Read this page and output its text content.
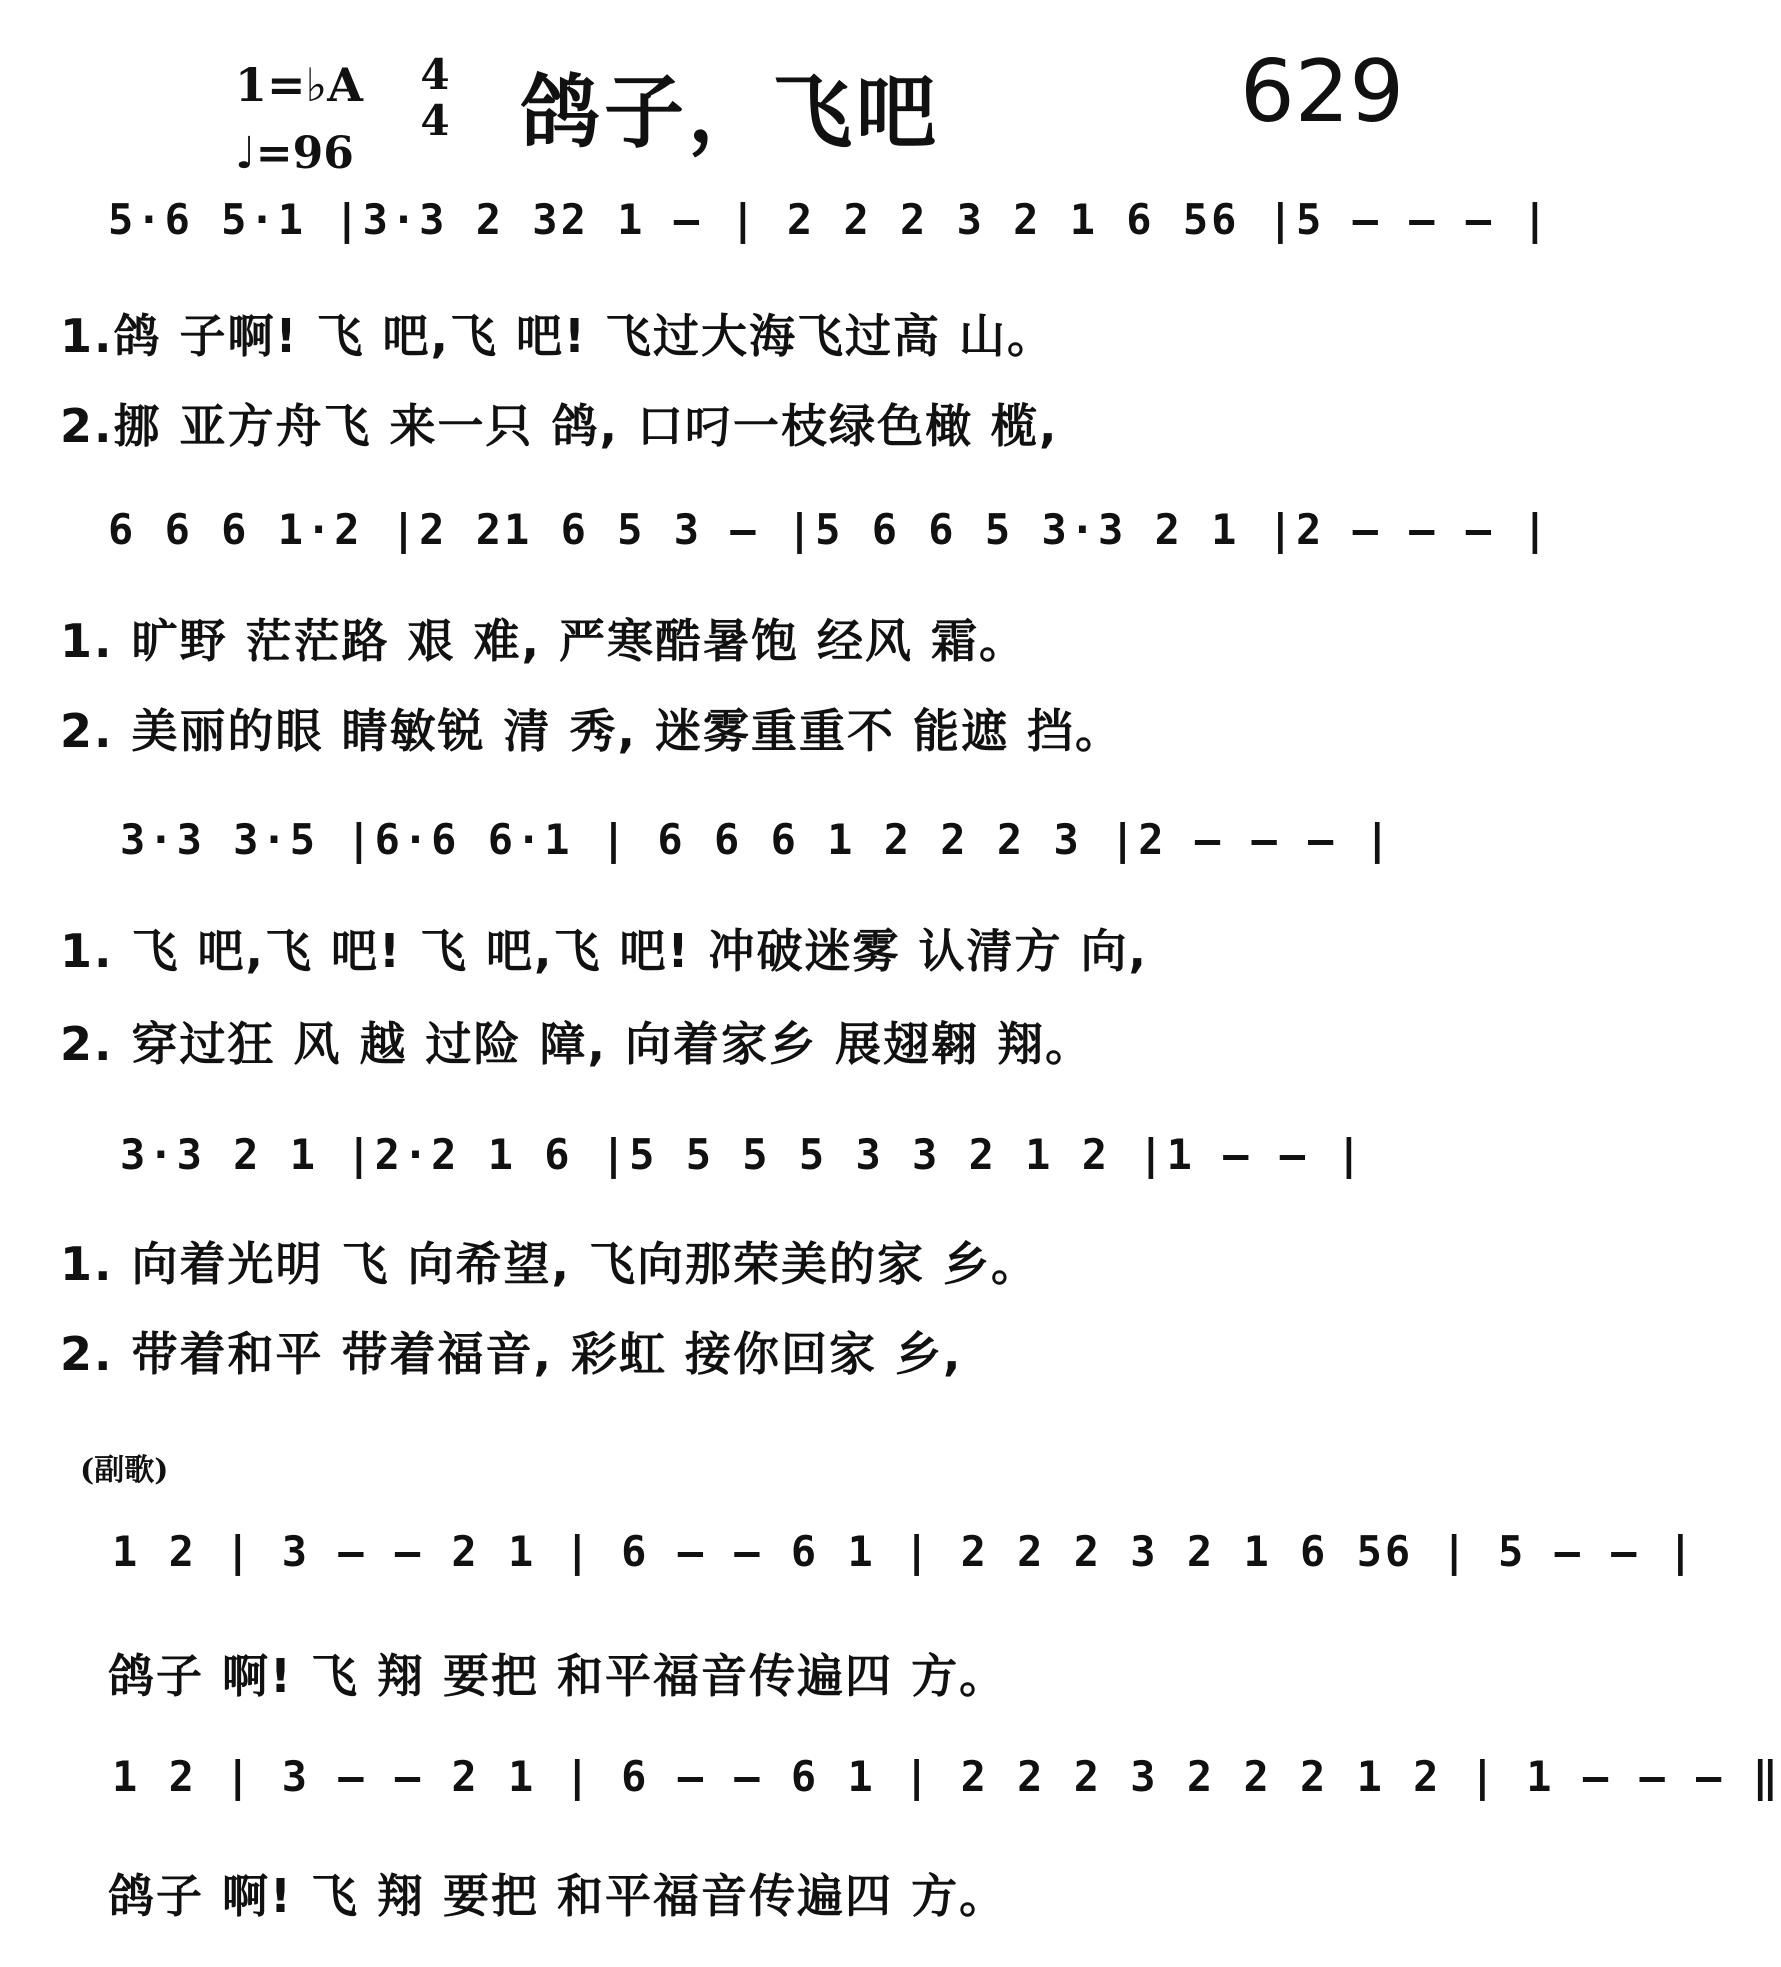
1=♭A 4
4
♩=96 鸽子，飞吧	629
5·6 5·1 |3·3 2 32 1 – | 2 2 2 3 2 1 6 56 |5 – – – |
1.鸽 子啊! 飞 吧,飞 吧! 飞过大海飞过高 山。
2.挪 亚方舟飞 来一只 鸽, 口叼一枝绿色橄 榄,
6 6 6 1·2 |2 21 6 5 3 – |5 6 6 5 3·3 2 1 |2 – – – |
1. 旷野 茫茫路 艰 难, 严寒酷暑饱 经风 霜。
2. 美丽的眼 睛敏锐 清 秀, 迷雾重重不 能遮 挡。
3·3 3·5 |6·6 6·1 | 6 6 6 1 2 2 2 3 |2 – – – |
1. 飞 吧,飞 吧! 飞 吧,飞 吧! 冲破迷雾 认清方 向,
2. 穿过狂 风 越 过险 障, 向着家乡 展翅翱 翔。
3·3 2 1 |2·2 1 6 |5 5 5 5 3 3 2 1 2 |1 – – |
1. 向着光明 飞 向希望, 飞向那荣美的家 乡。
2. 带着和平 带着福音, 彩虹 接你回家 乡,
(副歌)
1 2 | 3 – – 2 1 | 6 – – 6 1 | 2 2 2 3 2 1 6 56 | 5 – – |
鸽子 啊! 飞 翔 要把 和平福音传遍四 方。
1 2 | 3 – – 2 1 | 6 – – 6 1 | 2 2 2 3 2 2 2 1 2 | 1 – – – ‖
鸽子 啊! 飞 翔 要把 和平福音传遍四 方。
